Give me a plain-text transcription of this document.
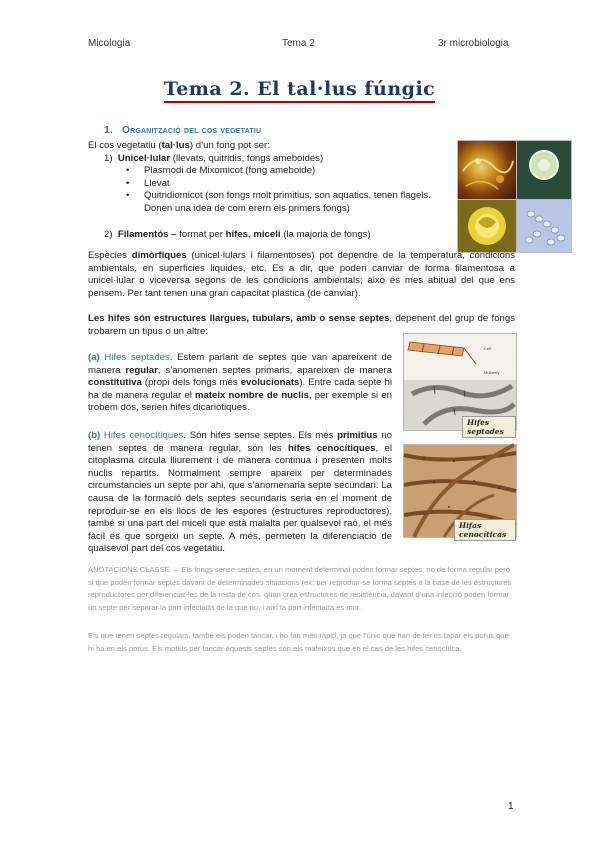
Micologia	Tema 2	3r microbiologia
Tema 2. El tal·lus fúngic
1. Organització del cos vegetatiu

El cos vegetatiu (tal·lus) d’un fong pot ser:

1) Unicel·lular (llevats, quitridis, fongs ameboides)

• Plasmodi de Mixomicot (fong ameboide)

• Llevat

• Quitridiomicot (son fongs molt primitius, son aquatics, tenen flagels. Donen una idea de com erern els primers fongs)

2) Filamentós – format per hifes, miceli (la majoria de fongs)

Espècies dimòrfiques (unicel·lulars i filamentoses) pot dependre de la temperatura, condicions ambientals, en superficies liquides, etc. Es a dir, que poden canviar de forma filamentosa a unicel·lular o viceversa segons de les condicions ambientals; aixo és mes abitual del que ens pensem. Per tant tenen una gran capacitat plastica (de canviar).

Les hifes són estructures llargues, tubulars, amb o sense septes, depenent del grup de fongs trobarem un tipus o un altre:

(a) Hifes septades. Estem parlant de septes que van apareixent de manera regular, s’anomenen septes primaris, apareixen de manera constitutiva (propi dels fongs més evolucionats). Entre cada septe hi ha de manera regular el mateix nombre de nuclis, per exemple si en trobem dos, serien hifes dicariòtiques.

Cell
Mulberry
Hifes septades

(b) Hifes cenocítiques. Són hifes sense septes. Els més primitius no tenen septes de manera regular, són les hifes cenocítiques, el citoplasma circula lliurement i de manera continua i presenten molts nuclis repartits. Normalment sempre apareix per determinades circumstancies un septe por ahi, que s’anomenaria septe secundari. La causa de la formació dels septes secundaris seria en el moment de reproduir-se en els llocs de les espores (estructures reproductores), també si una part del miceli que està malalta per qualsevol raó, el més fàcil és que sorgeixi un septe. A més, permeten la diferenciació de qualsevol part del cos vegetatiu.

Hifas cenocíticas

ANOTACIONS CLASSE → Els fongs sense septes, en un moment determinat poden formar septes, no de forma regular però si que poden formar septes davant de determinades situacions (ex: per reproduir-se forma septes a la base de les estructures reproductores per diferenciar-les de la resta de cos, quan crea estructures de resistència, davant d’una infecció poden formar un septe per separar la part infectada de la que no, i així la part infectada es mor.

Els que tenen septes regulars, també els poden tancar, i ho fan mes ràpid, ja que l’únic que han de fer es tapar els porus que hi ha en els porus. Els motius per tancar aquests septes son els mateixos que en el cas de les hifes cenocítica.

1
